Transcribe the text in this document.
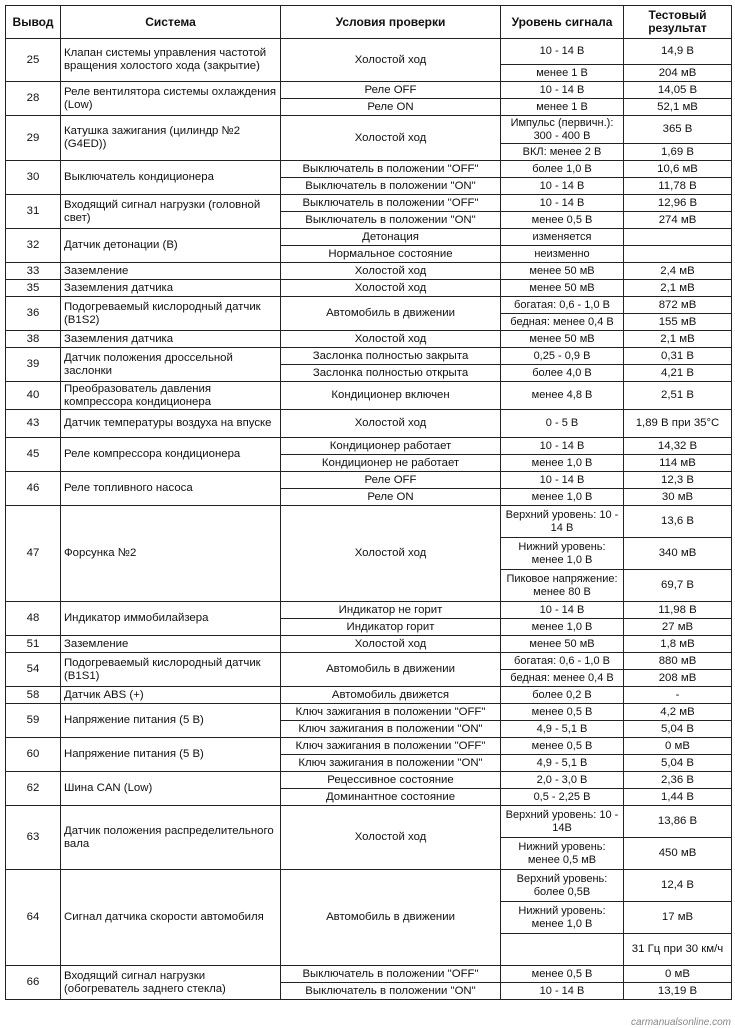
Вывод	Система	Условия проверки	Уровень сигнала	Тестовый результат
25	Клапан системы управления частотой вращения холостого хода (закрытие)	Холостой ход	10 - 14 В	14,9 В
			менее 1 В	204 мВ
28	Реле вентилятора системы охлаждения (Low)	Реле OFF	10 - 14 В	14,05 В
		Реле ON	менее 1 В	52,1 мВ
29	Катушка зажигания (цилиндр №2 (G4ED))	Холостой ход	Импульс (первичн.): 300 - 400 В	365 В
			ВКЛ: менее 2 В	1,69 В
30	Выключатель кондиционера	Выключатель в положении "OFF"	более 1,0 В	10,6 мВ
		Выключатель в положении "ON"	10 - 14 В	11,78 В
31	Входящий сигнал нагрузки (головной свет)	Выключатель в положении "OFF"	10 - 14 В	12,96 В
		Выключатель в положении "ON"	менее 0,5 В	274 мВ
32	Датчик детонации (В)	Детонация	изменяется	
		Нормальное состояние	неизменно	
33	Заземление	Холостой ход	менее 50 мВ	2,4 мВ
35	Заземления датчика	Холостой ход	менее 50 мВ	2,1 мВ
36	Подогреваемый кислородный датчик (B1S2)	Автомобиль в движении	богатая: 0,6 - 1,0 В	872 мВ
			бедная: менее 0,4 В	155 мВ
38	Заземления датчика	Холостой ход	менее 50 мВ	2,1 мВ
39	Датчик положения дроссельной заслонки	Заслонка полностью закрыта	0,25 - 0,9 В	0,31 В
		Заслонка полностью открыта	более 4,0 В	4,21 В
40	Преобразователь давления компрессора кондиционера	Кондиционер включен	менее 4,8 В	2,51 В
43	Датчик температуры воздуха на впуске	Холостой ход	0 - 5 В	1,89 В при 35°С
45	Реле компрессора кондиционера	Кондиционер работает	10 - 14 В	14,32 В
		Кондиционер не работает	менее 1,0 В	114 мВ
46	Реле топливного насоса	Реле OFF	10 - 14 В	12,3 В
		Реле ON	менее 1,0 В	30 мВ
47	Форсунка №2	Холостой ход	Верхний уровень: 10 - 14 В	13,6 В
			Нижний уровень: менее 1,0 В	340 мВ
			Пиковое напряжение: менее 80 В	69,7 В
48	Индикатор иммобилайзера	Индикатор не горит	10 - 14 В	11,98 В
		Индикатор горит	менее 1,0 В	27 мВ
51	Заземление	Холостой ход	менее 50 мВ	1,8 мВ
54	Подогреваемый кислородный датчик (B1S1)	Автомобиль в движении	богатая: 0,6 - 1,0 В	880 мВ
			бедная: менее 0,4 В	208 мВ
58	Датчик ABS (+)	Автомобиль движется	более 0,2 В	-
59	Напряжение питания (5 В)	Ключ зажигания в положении "OFF"	менее 0,5 В	4,2 мВ
		Ключ зажигания в положении "ON"	4,9 - 5,1 В	5,04 В
60	Напряжение питания (5 В)	Ключ зажигания в положении "OFF"	менее 0,5 В	0 мВ
		Ключ зажигания в положении "ON"	4,9 - 5,1 В	5,04 В
62	Шина CAN (Low)	Рецессивное состояние	2,0 - 3,0 В	2,36 В
		Доминантное состояние	0,5 - 2,25 В	1,44 В
63	Датчик положения распределительного вала	Холостой ход	Верхний уровень: 10 - 14В	13,86 В
			Нижний уровень: менее 0,5 мВ	450 мВ
64	Сигнал датчика скорости автомобиля	Автомобиль в движении	Верхний уровень: более 0,5В	12,4 В
			Нижний уровень: менее 1,0 В	17 мВ
				31 Гц при 30 км/ч
66	Входящий сигнал нагрузки (обогреватель заднего стекла)	Выключатель в положении "OFF"	менее 0,5 В	0 мВ
		Выключатель в положении "ON"	10 - 14 В	13,19 В
carmanualsonline.com
